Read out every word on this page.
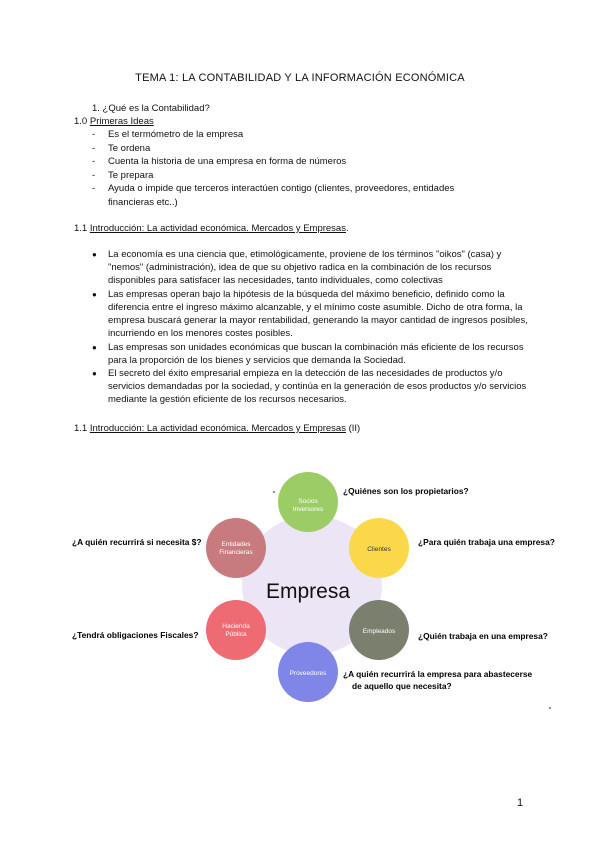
TEMA 1: LA CONTABILIDAD Y LA INFORMACIÓN ECONÓMICA
1. ¿Qué es la Contabilidad?
1.0 Primeras Ideas
- Es el termómetro de la empresa
- Te ordena
- Cuenta la historia de una empresa en forma de números
- Te prepara
- Ayuda o impide que terceros interactúen contigo (clientes, proveedores, entidades
financieras etc..)
1.1 Introducción: La actividad económica. Mercados y Empresas.
● La economía es una ciencia que, etimológicamente, proviene de los términos "oikos" (casa) y "nemos" (administración), idea de que su objetivo radica en la combinación de los recursos disponibles para satisfacer las necesidades, tanto individuales, como colectivas
● Las empresas operan bajo la hipótesis de la búsqueda del máximo beneficio, definido como la diferencia entre el ingreso máximo alcanzable, y el mínimo coste asumible. Dicho de otra forma, la empresa buscará generar la mayor rentabilidad, generando la mayor cantidad de ingresos posibles, incurriendo en los menores costes posibles.
● Las empresas son unidades económicas que buscan la combinación más eficiente de los recursos para la proporción de los bienes y servicios que demanda la Sociedad.
● El secreto del éxito empresarial empieza en la detección de las necesidades de productos y/o servicios demandadas por la sociedad, y continúa en la generación de esos productos y/o servicios mediante la gestión eficiente de los recursos necesarios.
1.1 Introducción: La actividad económica. Mercados y Empresas (II)
Empresa
Socios
Inversores
Clientes
Empleados
Proveedores
Hacienda
Pública
Entidades
Financieras
¿Quiénes son los propietarios?
¿Para quién trabaja una empresa?
¿Quién trabaja en una empresa?
¿A quién recurrirá la empresa para abastecerse
de aquello que necesita?
¿Tendrá obligaciones Fiscales?
¿A quién recurrirá si necesita $?
1
